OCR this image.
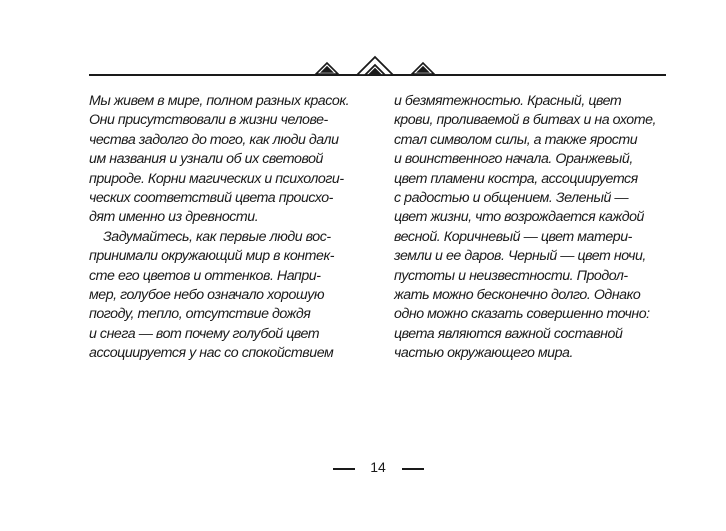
Мы живем в мире, полном разных красок.
Они присутствовали в жизни челове-
чества задолго до того, как люди дали
им названия и узнали об их световой
природе. Корни магических и психологи-
ческих соответствий цвета происхо-
дят именно из древности.
Задумайтесь, как первые люди вос-
принимали окружающий мир в контек-
сте его цветов и оттенков. Напри-
мер, голубое небо означало хорошую
погоду, тепло, отсутствие дождя
и снега — вот почему голубой цвет
ассоциируется у нас со спокойствием
и безмятежностью. Красный, цвет
крови, проливаемой в битвах и на охоте,
стал символом силы, а также ярости
и воинственного начала. Оранжевый,
цвет пламени костра, ассоциируется
с радостью и общением. Зеленый —
цвет жизни, что возрождается каждой
весной. Коричневый — цвет матери-
земли и ее даров. Черный — цвет ночи,
пустоты и неизвестности. Продол-
жать можно бесконечно долго. Однако
одно можно сказать совершенно точно:
цвета являются важной составной
частью окружающего мира.
14
